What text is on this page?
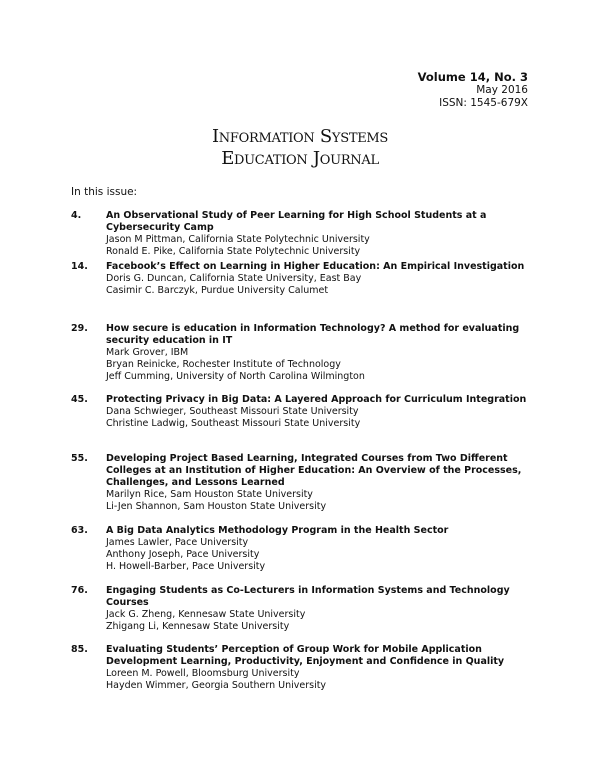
Volume 14, No. 3
May 2016
ISSN: 1545-679X
Information Systems
Education Journal
In this issue:
4.	An Observational Study of Peer Learning for High School Students at a Cybersecurity Camp
Jason M Pittman, California State Polytechnic University
Ronald E. Pike, California State Polytechnic University
14.	Facebook’s Effect on Learning in Higher Education: An Empirical Investigation
Doris G. Duncan, California State University, East Bay
Casimir C. Barczyk, Purdue University Calumet
29.	How secure is education in Information Technology? A method for evaluating security education in IT
Mark Grover, IBM
Bryan Reinicke, Rochester Institute of Technology
Jeff Cumming, University of North Carolina Wilmington
45.	Protecting Privacy in Big Data: A Layered Approach for Curriculum Integration
Dana Schwieger, Southeast Missouri State University
Christine Ladwig, Southeast Missouri State University
55.	Developing Project Based Learning, Integrated Courses from Two Different Colleges at an Institution of Higher Education: An Overview of the Processes, Challenges, and Lessons Learned
Marilyn Rice, Sam Houston State University
Li-Jen Shannon, Sam Houston State University
63.	A Big Data Analytics Methodology Program in the Health Sector
James Lawler, Pace University
Anthony Joseph, Pace University
H. Howell-Barber, Pace University
76.	Engaging Students as Co-Lecturers in Information Systems and Technology Courses
Jack G. Zheng, Kennesaw State University
Zhigang Li, Kennesaw State University
85.	Evaluating Students’ Perception of Group Work for Mobile Application Development Learning, Productivity, Enjoyment and Confidence in Quality
Loreen M. Powell, Bloomsburg University
Hayden Wimmer, Georgia Southern University
